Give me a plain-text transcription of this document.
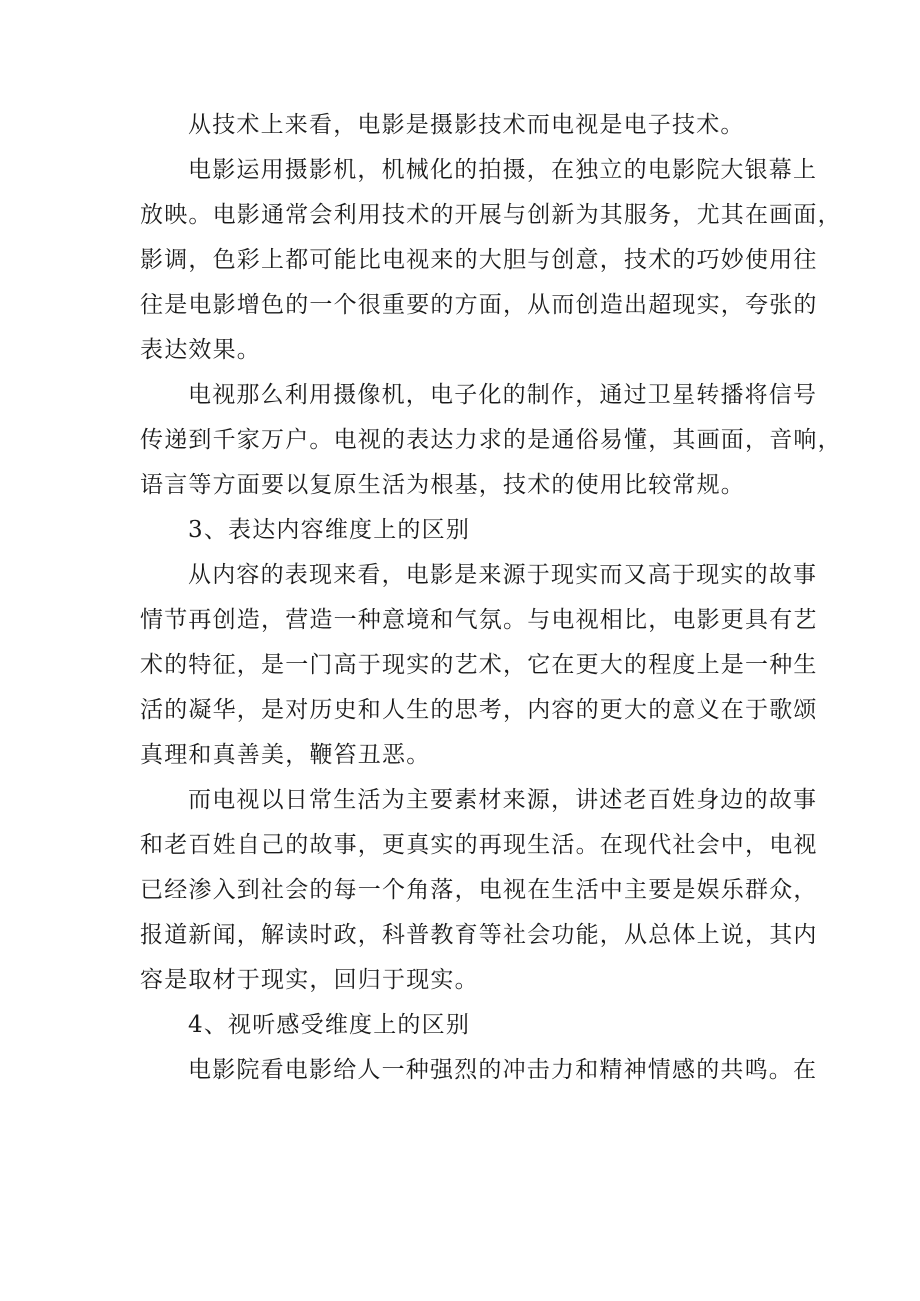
从技术上来看，电影是摄影技术而电视是电子技术。

电影运用摄影机，机械化的拍摄，在独立的电影院大银幕上
放映。电影通常会利用技术的开展与创新为其服务，尤其在画面，
影调，色彩上都可能比电视来的大胆与创意，技术的巧妙使用往
往是电影增色的一个很重要的方面，从而创造出超现实，夸张的
表达效果。
电视那么利用摄像机，电子化的制作，通过卫星转播将信号
传递到千家万户。电视的表达力求的是通俗易懂，其画面，音响，
语言等方面要以复原生活为根基，技术的使用比较常规。

3、表达内容维度上的区别

从内容的表现来看，电影是来源于现实而又高于现实的故事
情节再创造，营造一种意境和气氛。与电视相比，电影更具有艺
术的特征，是一门高于现实的艺术，它在更大的程度上是一种生
活的凝华，是对历史和人生的思考，内容的更大的意义在于歌颂
真理和真善美，鞭笞丑恶。
而电视以日常生活为主要素材来源，讲述老百姓身边的故事
和老百姓自己的故事，更真实的再现生活。在现代社会中，电视
已经渗入到社会的每一个角落，电视在生活中主要是娱乐群众，
报道新闻，解读时政，科普教育等社会功能，从总体上说，其内
容是取材于现实，回归于现实。

4、视听感受维度上的区别

电影院看电影给人一种强烈的冲击力和精神情感的共鸣。在
